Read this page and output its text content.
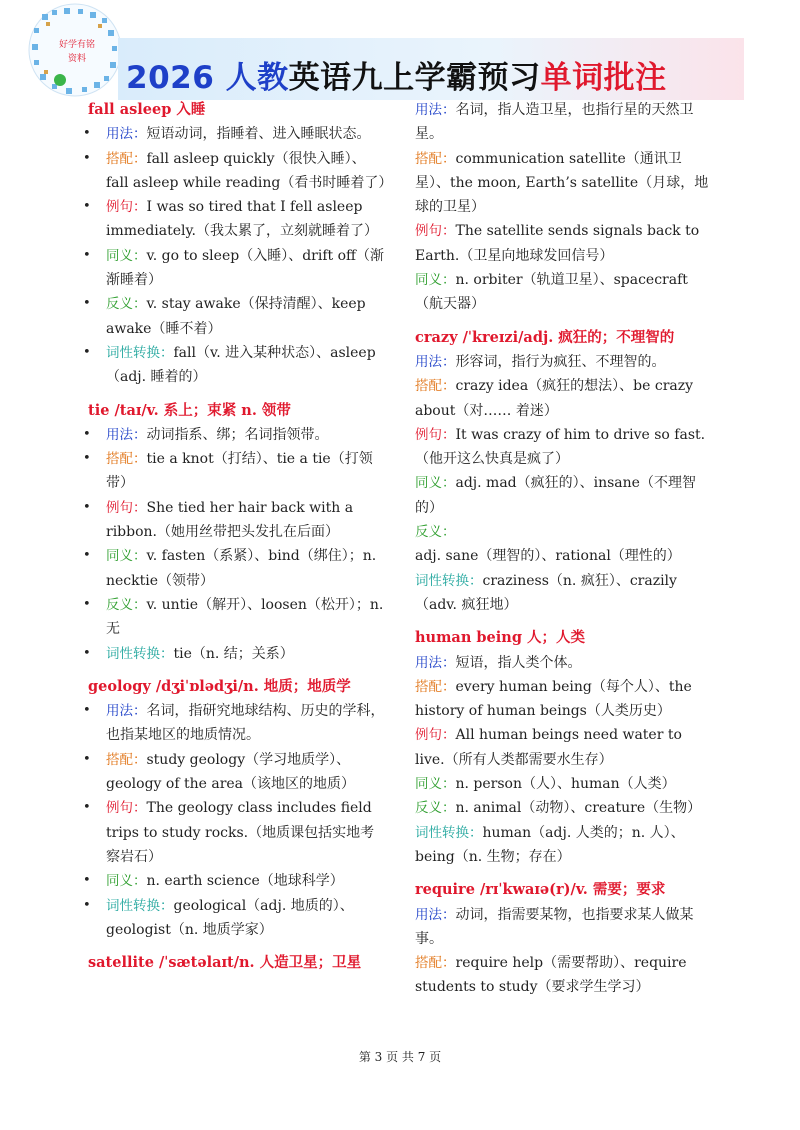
好学有铭
资料
2026 人教英语九上学霸预习单词批注
fall asleep 入睡
• 用法：短语动词，指睡着、进入睡眠状态。
• 搭配：fall asleep quickly（很快入睡）、fall asleep while reading（看书时睡着了）
• 例句：I was so tired that I fell asleep immediately.（我太累了，立刻就睡着了）
• 同义：v. go to sleep（入睡）、drift off（渐渐睡着）
• 反义：v. stay awake（保持清醒）、keep awake（睡不着）
• 词性转换：fall（v. 进入某种状态）、asleep（adj. 睡着的）
tie /taɪ/v. 系上；束紧 n. 领带
• 用法：动词指系、绑；名词指领带。
• 搭配：tie a knot（打结）、tie a tie（打领带）
• 例句：She tied her hair back with a ribbon.（她用丝带把头发扎在后面）
• 同义：v. fasten（系紧）、bind（绑住）；n. necktie（领带）
• 反义：v. untie（解开）、loosen（松开）；n. 无
• 词性转换：tie（n. 结；关系）
geology /dʒiˈɒlədʒi/n. 地质；地质学
• 用法：名词，指研究地球结构、历史的学科，也指某地区的地质情况。
• 搭配：study geology（学习地质学）、geology of the area（该地区的地质）
• 例句：The geology class includes field trips to study rocks.（地质课包括实地考察岩石）
• 同义：n. earth science（地球科学）
• 词性转换：geological（adj. 地质的）、geologist（n. 地质学家）
satellite /ˈsætəlaɪt/n. 人造卫星；卫星
用法：名词，指人造卫星，也指行星的天然卫星。
搭配：communication satellite（通讯卫星）、the moon, Earth’s satellite（月球，地球的卫星）
例句：The satellite sends signals back to Earth.（卫星向地球发回信号）
同义：n. orbiter（轨道卫星）、spacecraft（航天器）
crazy /ˈkreɪzi/adj. 疯狂的；不理智的
用法：形容词，指行为疯狂、不理智的。
搭配：crazy idea（疯狂的想法）、be crazy about（对…… 着迷）
例句：It was crazy of him to drive so fast.（他开这么快真是疯了）
同义：adj. mad（疯狂的）、insane（不理智的）
反义：adj. sane（理智的）、rational（理性的）
词性转换：craziness（n. 疯狂）、crazily（adv. 疯狂地）
human being 人；人类
用法：短语，指人类个体。
搭配：every human being（每个人）、the history of human beings（人类历史）
例句：All human beings need water to live.（所有人类都需要水生存）
同义：n. person（人）、human（人类）
反义：n. animal（动物）、creature（生物）
词性转换：human（adj. 人类的；n. 人）、being（n. 生物；存在）
require /rɪˈkwaɪə(r)/v. 需要；要求
用法：动词，指需要某物，也指要求某人做某事。
搭配：require help（需要帮助）、require students to study（要求学生学习）
第 3 页 共 7 页
